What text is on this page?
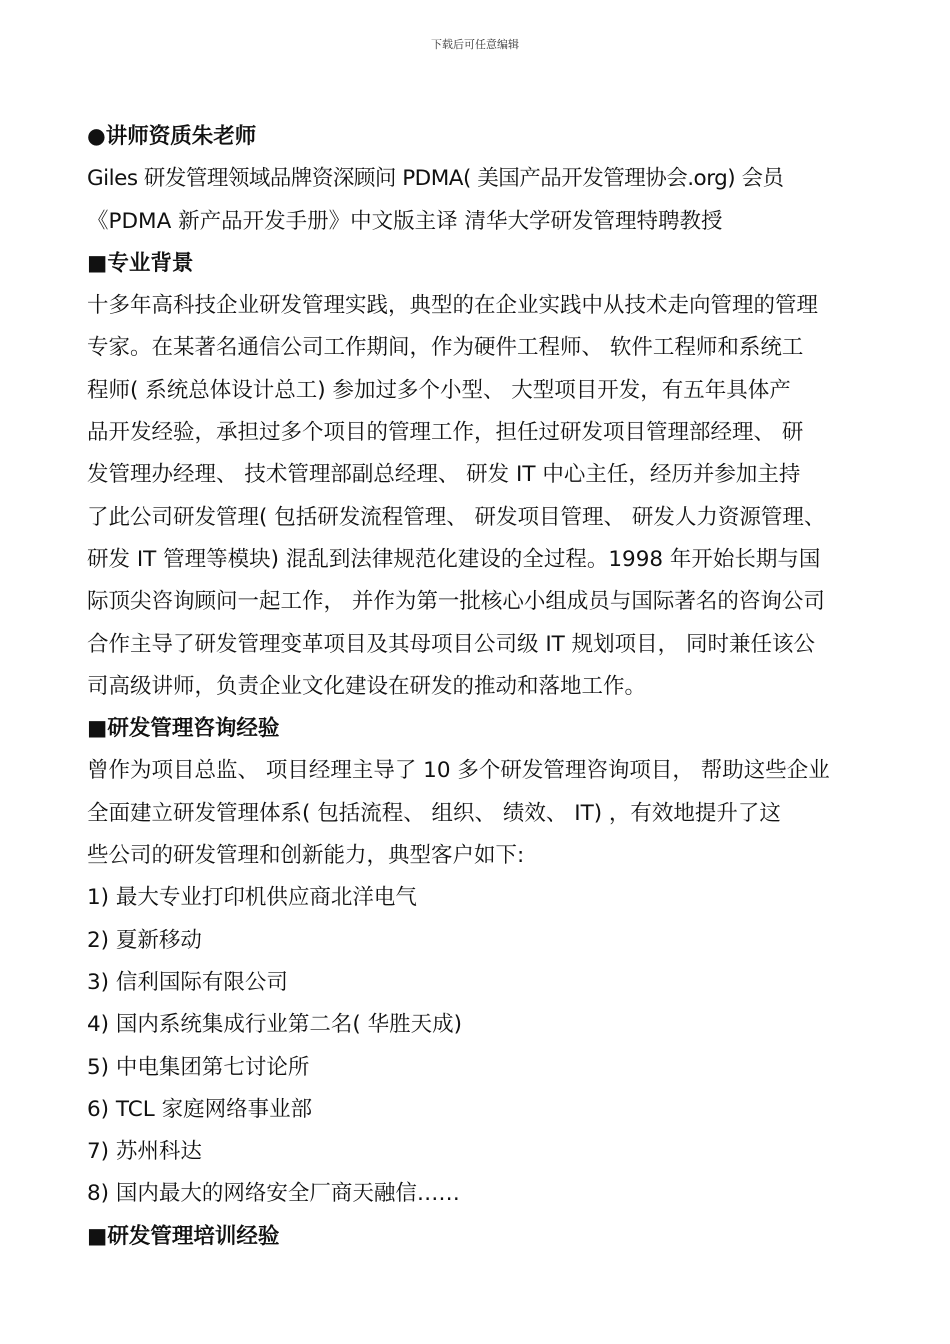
下载后可任意编辑
●讲师资质朱老师
Giles 研发管理领域品牌资深顾问 PDMA( 美国产品开发管理协会.org) 会员
《PDMA 新产品开发手册》中文版主译 清华大学研发管理特聘教授
■专业背景
十多年高科技企业研发管理实践，典型的在企业实践中从技术走向管理的管理
专家。在某著名通信公司工作期间，作为硬件工程师、 软件工程师和系统工
程师( 系统总体设计总工) 参加过多个小型、 大型项目开发，有五年具体产
品开发经验，承担过多个项目的管理工作，担任过研发项目管理部经理、 研
发管理办经理、 技术管理部副总经理、 研发 IT 中心主任，经历并参加主持
了此公司研发管理( 包括研发流程管理、 研发项目管理、 研发人力资源管理、
研发 IT 管理等模块) 混乱到法律规范化建设的全过程。1998 年开始长期与国
际顶尖咨询顾问一起工作， 并作为第一批核心小组成员与国际著名的咨询公司
合作主导了研发管理变革项目及其母项目公司级 IT 规划项目， 同时兼任该公
司高级讲师，负责企业文化建设在研发的推动和落地工作。
■研发管理咨询经验
曾作为项目总监、 项目经理主导了 10 多个研发管理咨询项目， 帮助这些企业
全面建立研发管理体系( 包括流程、 组织、 绩效、 IT) ，有效地提升了这
些公司的研发管理和创新能力，典型客户如下:
1) 最大专业打印机供应商北洋电气
2) 夏新移动
3) 信利国际有限公司
4) 国内系统集成行业第二名( 华胜天成)
5) 中电集团第七讨论所
6) TCL 家庭网络事业部
7) 苏州科达
8) 国内最大的网络安全厂商天融信……
■研发管理培训经验
